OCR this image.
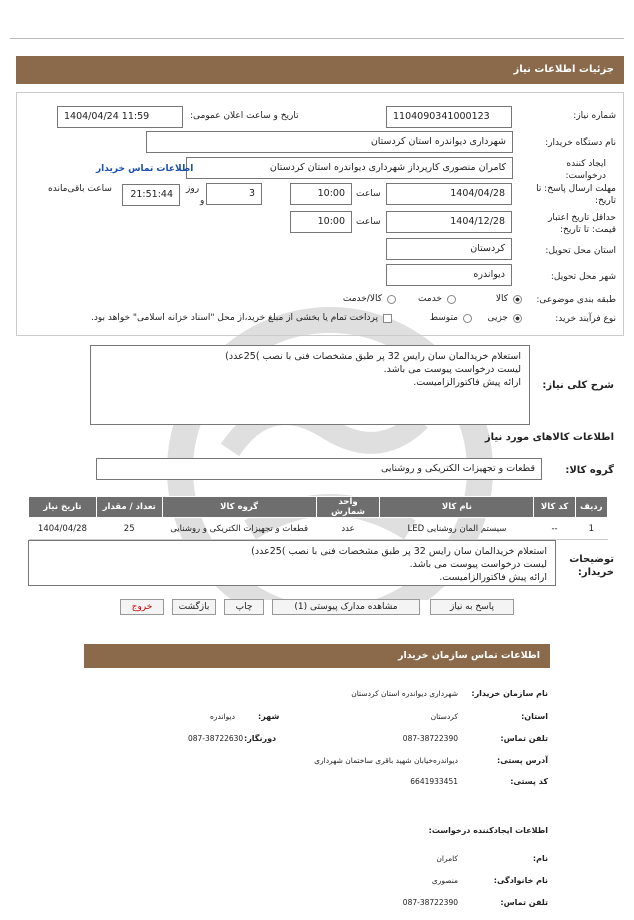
جزئیات اطلاعات نیاز
شماره نیاز:
1104090341000123
تاریخ و ساعت اعلان عمومی:
1404/04/24 11:59
نام دستگاه خریدار:
شهرداری دیواندره استان کردستان
ایجاد کننده درخواست:
کامران منصوری کارپرداز شهرداری دیواندره استان کردستان
اطلاعات تماس خریدار
مهلت ارسال پاسخ: تا تاریخ:
1404/04/28
ساعت
10:00
3
روز
و
21:51:44
ساعت باقی‌مانده
حداقل تاریخ اعتبار قیمت: تا تاریخ:
1404/12/28
ساعت
10:00
استان محل تحویل:
کردستان
شهر محل تحویل:
دیواندره
طبقه بندی موضوعی:
کالا
خدمت
کالا/خدمت
نوع فرآیند خرید:
جزیی
متوسط
پرداخت تمام یا بخشی از مبلغ خرید،از محل "اسناد خزانه اسلامی" خواهد بود.
شرح کلی نیاز:
استعلام خریدالمان سان رایس 32 پر طبق مشخصات فنی با نصب )25عدد)
لیست درخواست پیوست می باشد.
ارائه پیش فاکتورالزامیست.
اطلاعات کالاهای مورد نیاز
گروه کالا:
قطعات و تجهیزات الکتریکی و روشنایی
ردیف	کد کالا	نام کالا	واحد شمارش	گروه کالا	تعداد / مقدار	تاریخ نیاز
1	--	سیستم المان روشنایی LED	عدد	قطعات و تجهیزات الکتریکی و روشنایی	25	1404/04/28
توضیحات خریدار:
استعلام خریدالمان سان رایس 32 پر طبق مشخصات فنی با نصب )25عدد)
لیست درخواست پیوست می باشد.
ارائه پیش فاکتورالزامیست.
پاسخ به نیاز
مشاهده مدارک پیوستی (1)
چاپ
بازگشت
خروج
اطلاعات تماس سازمان خریدار
نام سازمان خریدار:
شهرداری دیواندره استان کردستان
استان:
کردستان
شهر:
دیواندره
تلفن تماس:
087-38722390
دورنگار:
087-38722630
آدرس پستی:
دیواندره‌خیابان شهید باقری ساختمان شهرداری
کد پستی:
6641933451
اطلاعات ایجادکننده درخواست:
نام:
کامران
نام خانوادگی:
منصوری
تلفن تماس:
087-38722390
